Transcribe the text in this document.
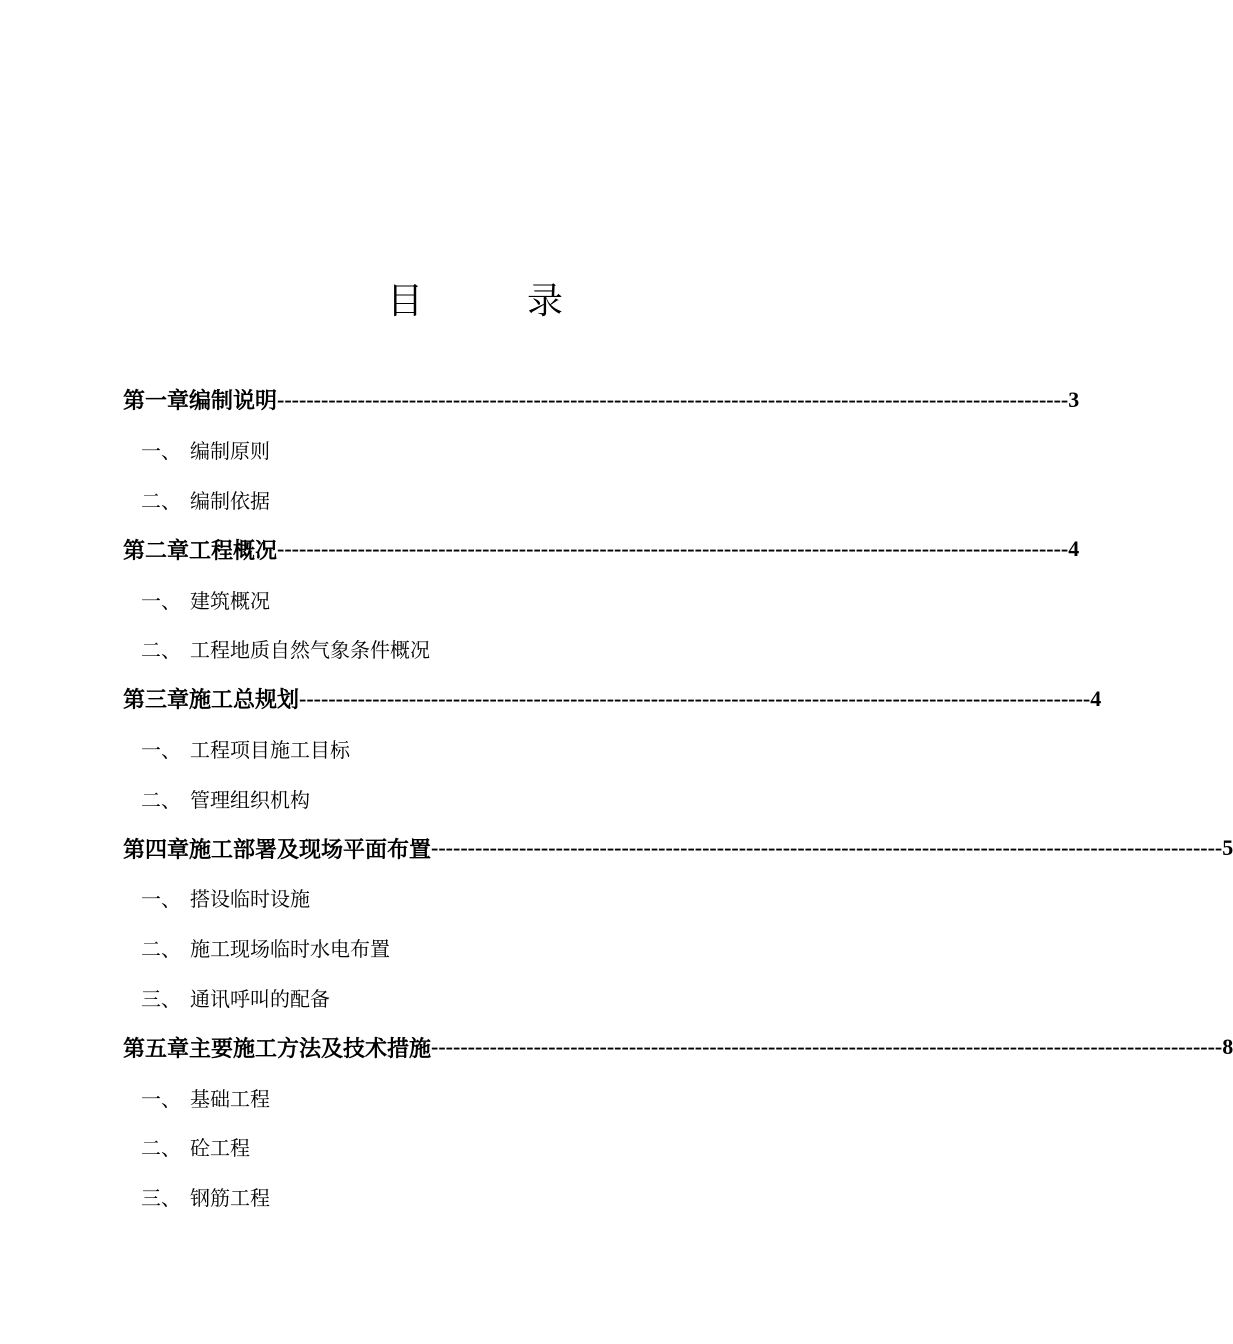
目　录
第一章 编制说明 ------------------------------------------------------------------------------------------------------------ 3
一、 编制原则
二、 编制依据
第二章 工程概况 ------------------------------------------------------------------------------------------------------------ 4
一、 建筑概况
二、 工程地质自然气象条件概况
第三章 施工总规划 ------------------------------------------------------------------------------------------------------------ 4
一、 工程项目施工目标
二、 管理组织机构
第四章 施工部署及现场平面布置 ------------------------------------------------------------------------------------------------------------ 5
一、 搭设临时设施
二、 施工现场临时水电布置
三、 通讯呼叫的配备
第五章 主要施工方法及技术措施 ------------------------------------------------------------------------------------------------------------ 8
一、 基础工程
二、 砼工程
三、 钢筋工程
